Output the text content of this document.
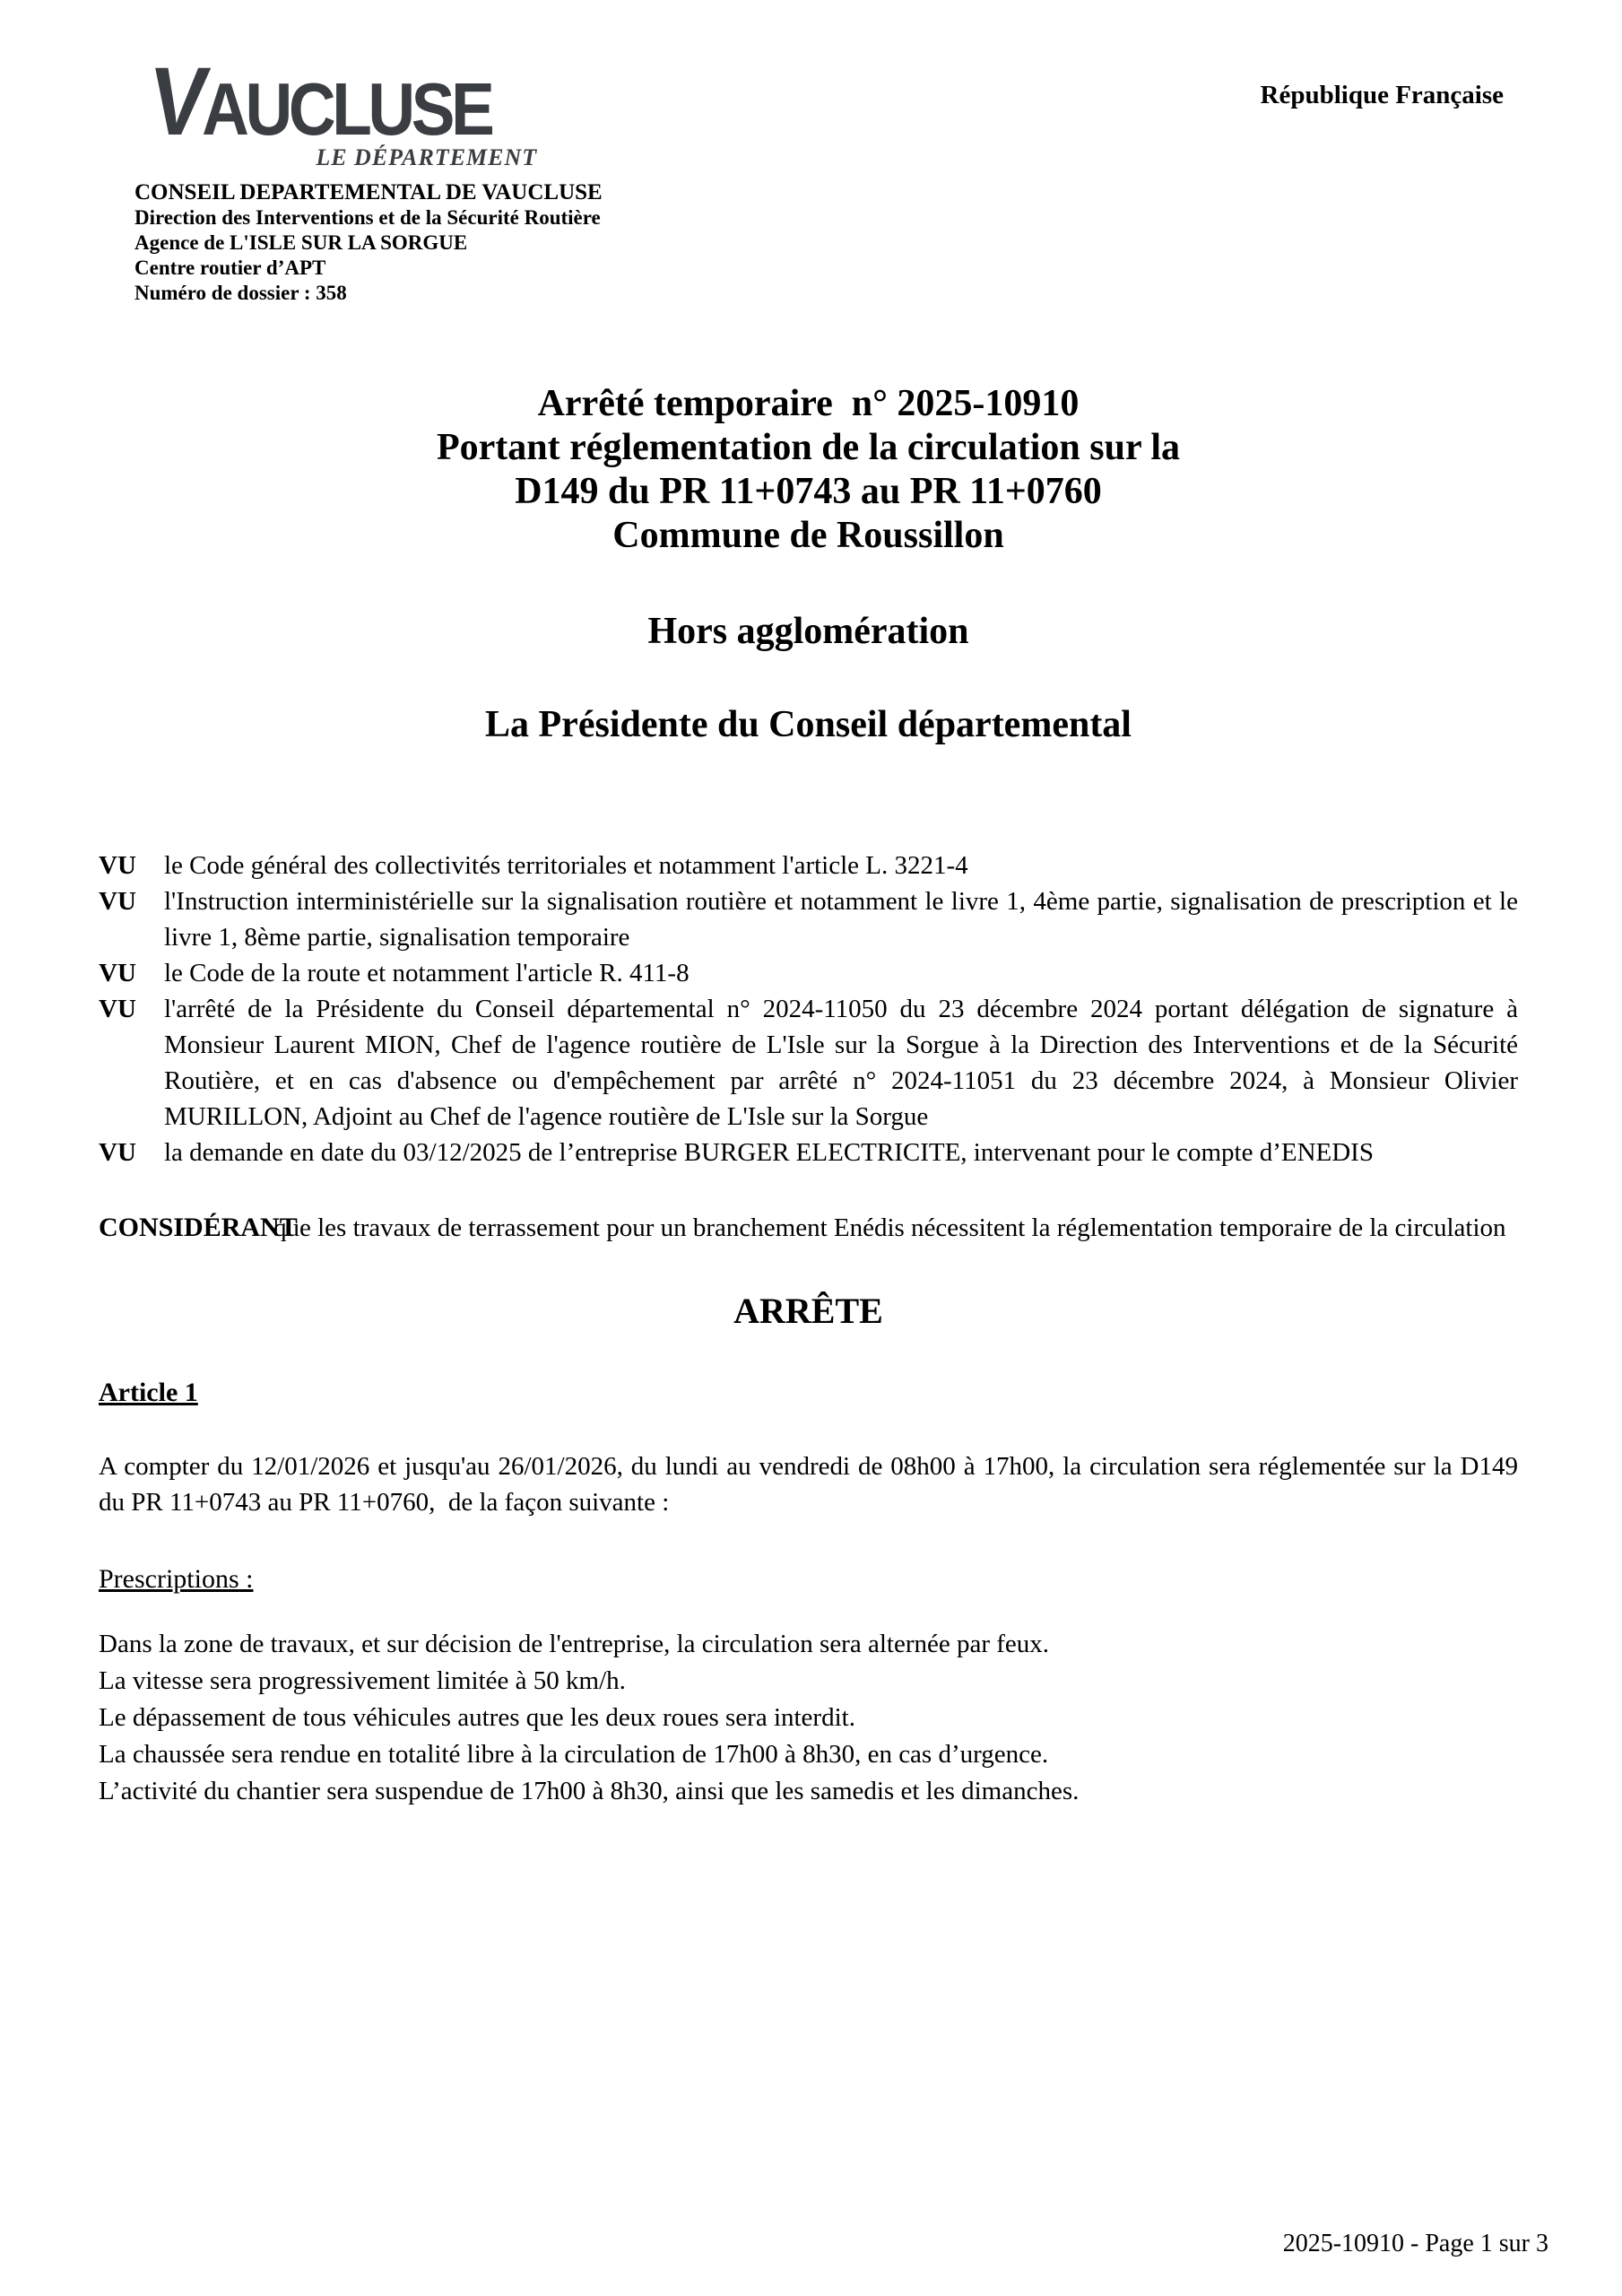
République Française
VAUCLUSE
LE DÉPARTEMENT
CONSEIL DEPARTEMENTAL DE VAUCLUSE
Direction des Interventions et de la Sécurité Routière
Agence de L'ISLE SUR LA SORGUE
Centre routier d’APT
Numéro de dossier : 358
Arrêté temporaire  n° 2025-10910
Portant réglementation de la circulation sur la
D149 du PR 11+0743 au PR 11+0760
Commune de Roussillon
Hors agglomération
La Présidente du Conseil départemental
VU	le Code général des collectivités territoriales et notamment l'article L. 3221-4
VU	l'Instruction interministérielle sur la signalisation routière et notamment le livre 1, 4ème partie, signalisation de prescription et le livre 1, 8ème partie, signalisation temporaire
VU	le Code de la route et notamment l'article R. 411-8
VU	l'arrêté de la Présidente du Conseil départemental n° 2024-11050 du 23 décembre 2024 portant délégation de signature à Monsieur Laurent MION, Chef de l'agence routière de L'Isle sur la Sorgue à la Direction des Interventions et de la Sécurité Routière, et en cas d'absence ou d'empêchement par arrêté n° 2024-11051 du 23 décembre 2024, à Monsieur Olivier MURILLON, Adjoint au Chef de l'agence routière de L'Isle sur la Sorgue
VU	la demande en date du 03/12/2025 de l’entreprise BURGER ELECTRICITE, intervenant pour le compte d’ENEDIS
CONSIDÉRANT
que les travaux de terrassement pour un branchement Enédis nécessitent la réglementation temporaire de la circulation
ARRÊTE
Article 1
A compter du 12/01/2026 et jusqu'au 26/01/2026, du lundi au vendredi de 08h00 à 17h00, la circulation sera réglementée sur la D149 du PR 11+0743 au PR 11+0760,  de la façon suivante :
Prescriptions :
Dans la zone de travaux, et sur décision de l'entreprise, la circulation sera alternée par feux.
La vitesse sera progressivement limitée à 50 km/h.
Le dépassement de tous véhicules autres que les deux roues sera interdit.
La chaussée sera rendue en totalité libre à la circulation de 17h00 à 8h30, en cas d’urgence.
L’activité du chantier sera suspendue de 17h00 à 8h30, ainsi que les samedis et les dimanches.
2025-10910 - Page 1 sur 3
